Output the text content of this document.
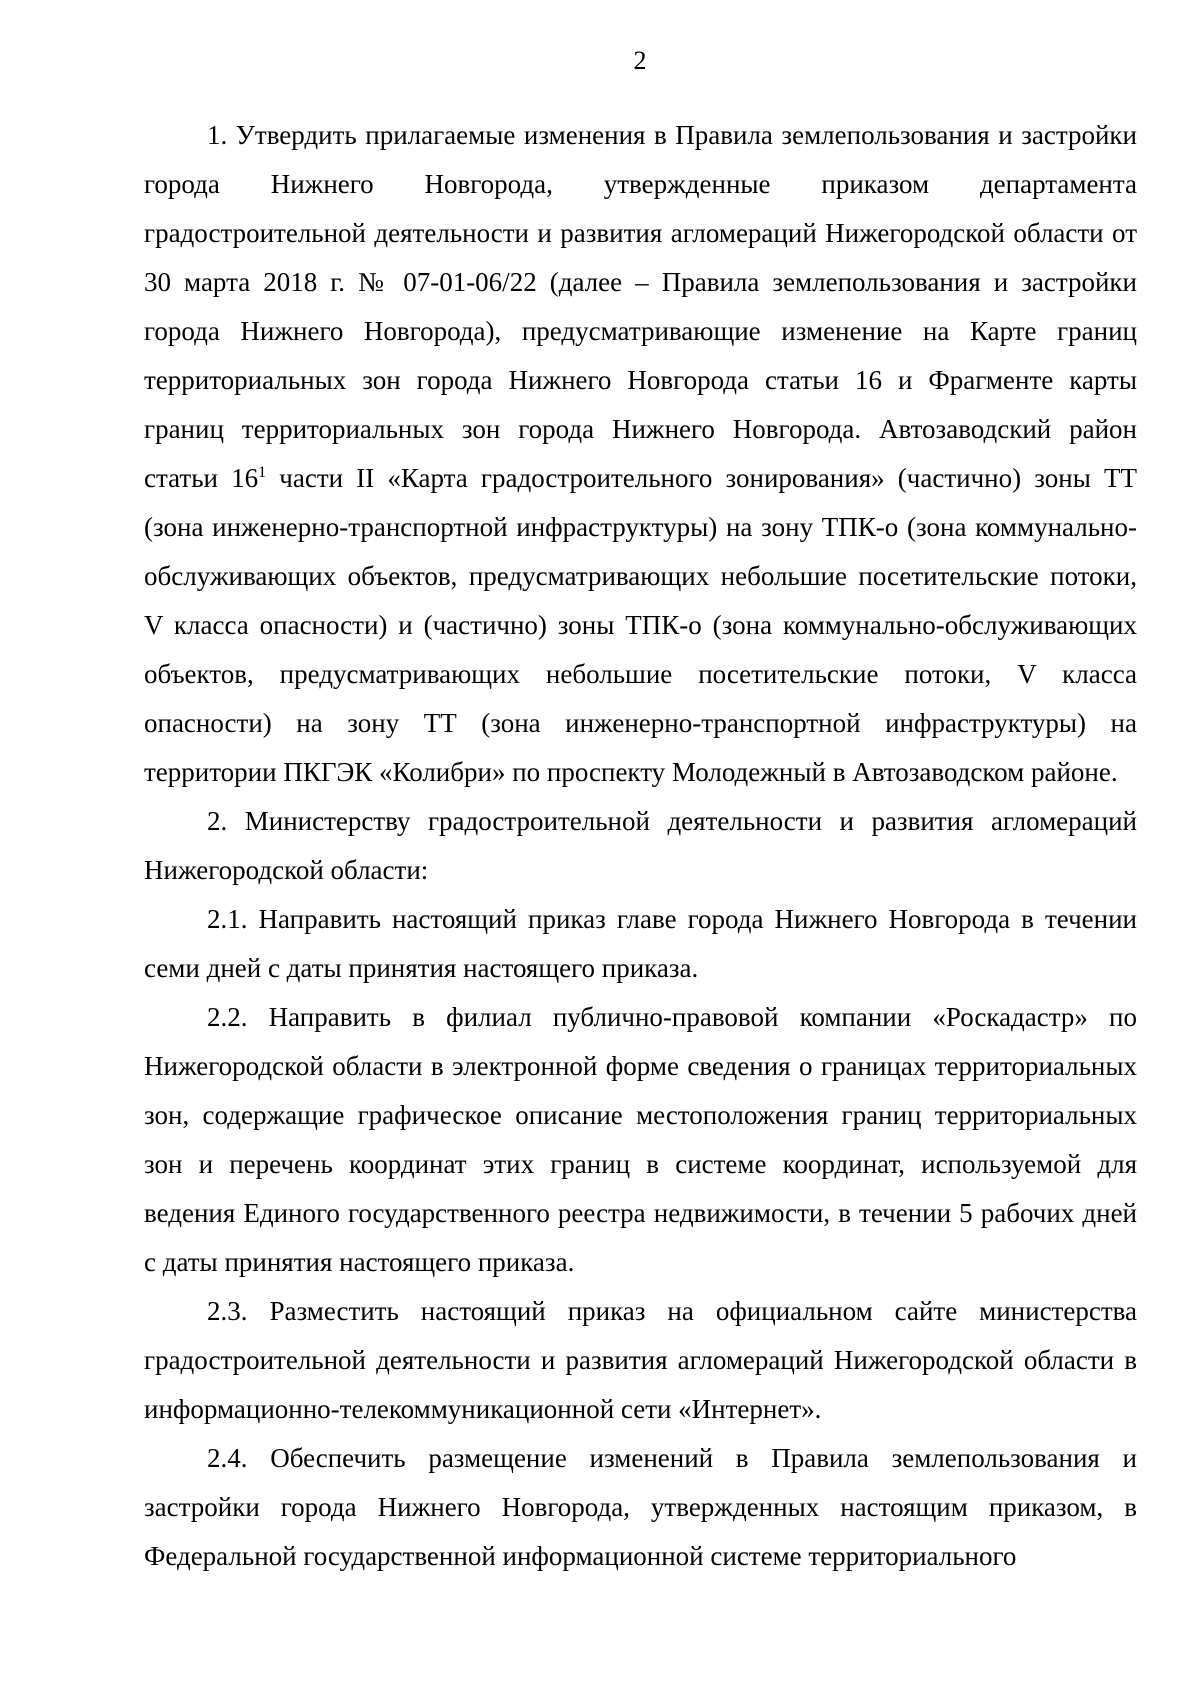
2

1. Утвердить прилагаемые изменения в Правила землепользования и застройки города Нижнего Новгорода, утвержденные приказом департамента градостроительной деятельности и развития агломераций Нижегородской области от 30 марта 2018 г. № 07-01-06/22 (далее – Правила землепользования и застройки города Нижнего Новгорода), предусматривающие изменение на Карте границ территориальных зон города Нижнего Новгорода статьи 16 и Фрагменте карты границ территориальных зон города Нижнего Новгорода. Автозаводский район статьи $16^1$ части II «Карта градостроительного зонирования» (частично) зоны ТТ (зона инженерно-транспортной инфраструктуры) на зону ТПК-о (зона коммунально-обслуживающих объектов, предусматривающих небольшие посетительские потоки, V класса опасности) и (частично) зоны ТПК-о (зона коммунально-обслуживающих объектов, предусматривающих небольшие посетительские потоки, V класса опасности) на зону ТТ (зона инженерно-транспортной инфраструктуры) на территории ПКГЭК «Колибри» по проспекту Молодежный в Автозаводском районе.

2. Министерству градостроительной деятельности и развития агломераций Нижегородской области:

2.1. Направить настоящий приказ главе города Нижнего Новгорода в течении семи дней с даты принятия настоящего приказа.

2.2. Направить в филиал публично-правовой компании «Роскадастр» по Нижегородской области в электронной форме сведения о границах территориальных зон, содержащие графическое описание местоположения границ территориальных зон и перечень координат этих границ в системе координат, используемой для ведения Единого государственного реестра недвижимости, в течении 5 рабочих дней с даты принятия настоящего приказа.

2.3. Разместить настоящий приказ на официальном сайте министерства градостроительной деятельности и развития агломераций Нижегородской области в информационно-телекоммуникационной сети «Интернет».

2.4. Обеспечить размещение изменений в Правила землепользования и застройки города Нижнего Новгорода, утвержденных настоящим приказом, в Федеральной государственной информационной системе территориального
